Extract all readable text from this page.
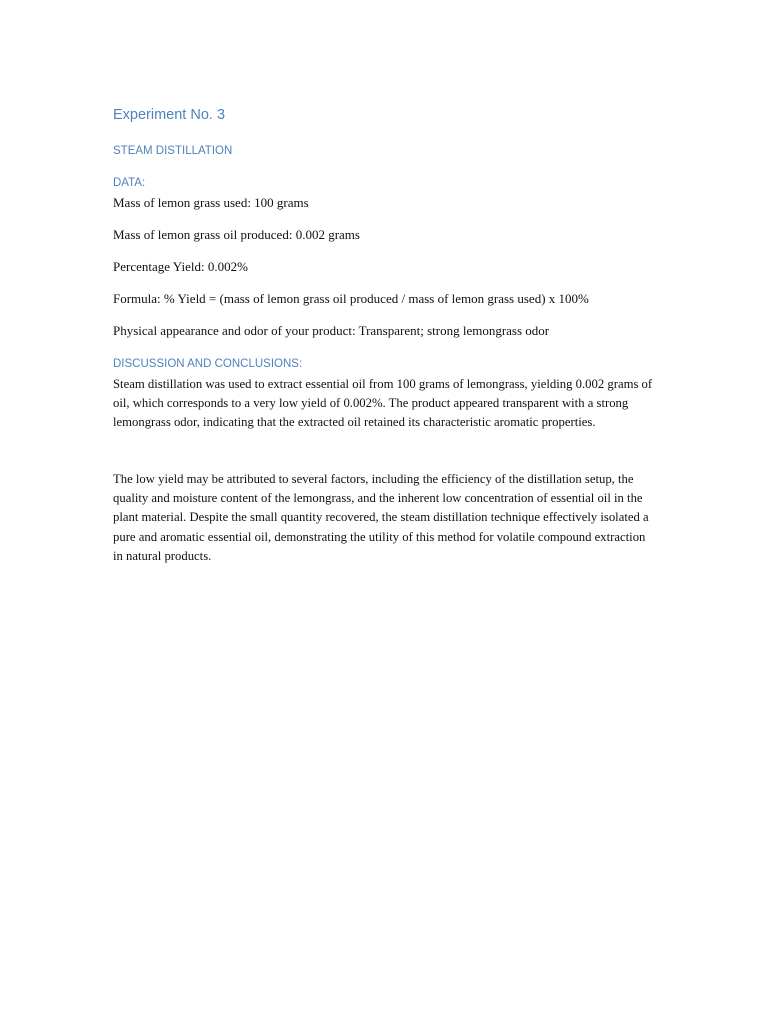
Experiment No. 3
STEAM DISTILLATION
DATA:

Mass of lemon grass used: 100 grams

Mass of lemon grass oil produced: 0.002 grams

Percentage Yield: 0.002%

Formula: % Yield = (mass of lemon grass oil produced / mass of lemon grass used) x 100%

Physical appearance and odor of your product: Transparent; strong lemongrass odor

DISCUSSION AND CONCLUSIONS:

Steam distillation was used to extract essential oil from 100 grams of lemongrass, yielding 0.002 grams of oil, which corresponds to a very low yield of 0.002%. The product appeared transparent with a strong lemongrass odor, indicating that the extracted oil retained its characteristic aromatic properties.

The low yield may be attributed to several factors, including the efficiency of the distillation setup, the quality and moisture content of the lemongrass, and the inherent low concentration of essential oil in the plant material. Despite the small quantity recovered, the steam distillation technique effectively isolated a pure and aromatic essential oil, demonstrating the utility of this method for volatile compound extraction in natural products.
